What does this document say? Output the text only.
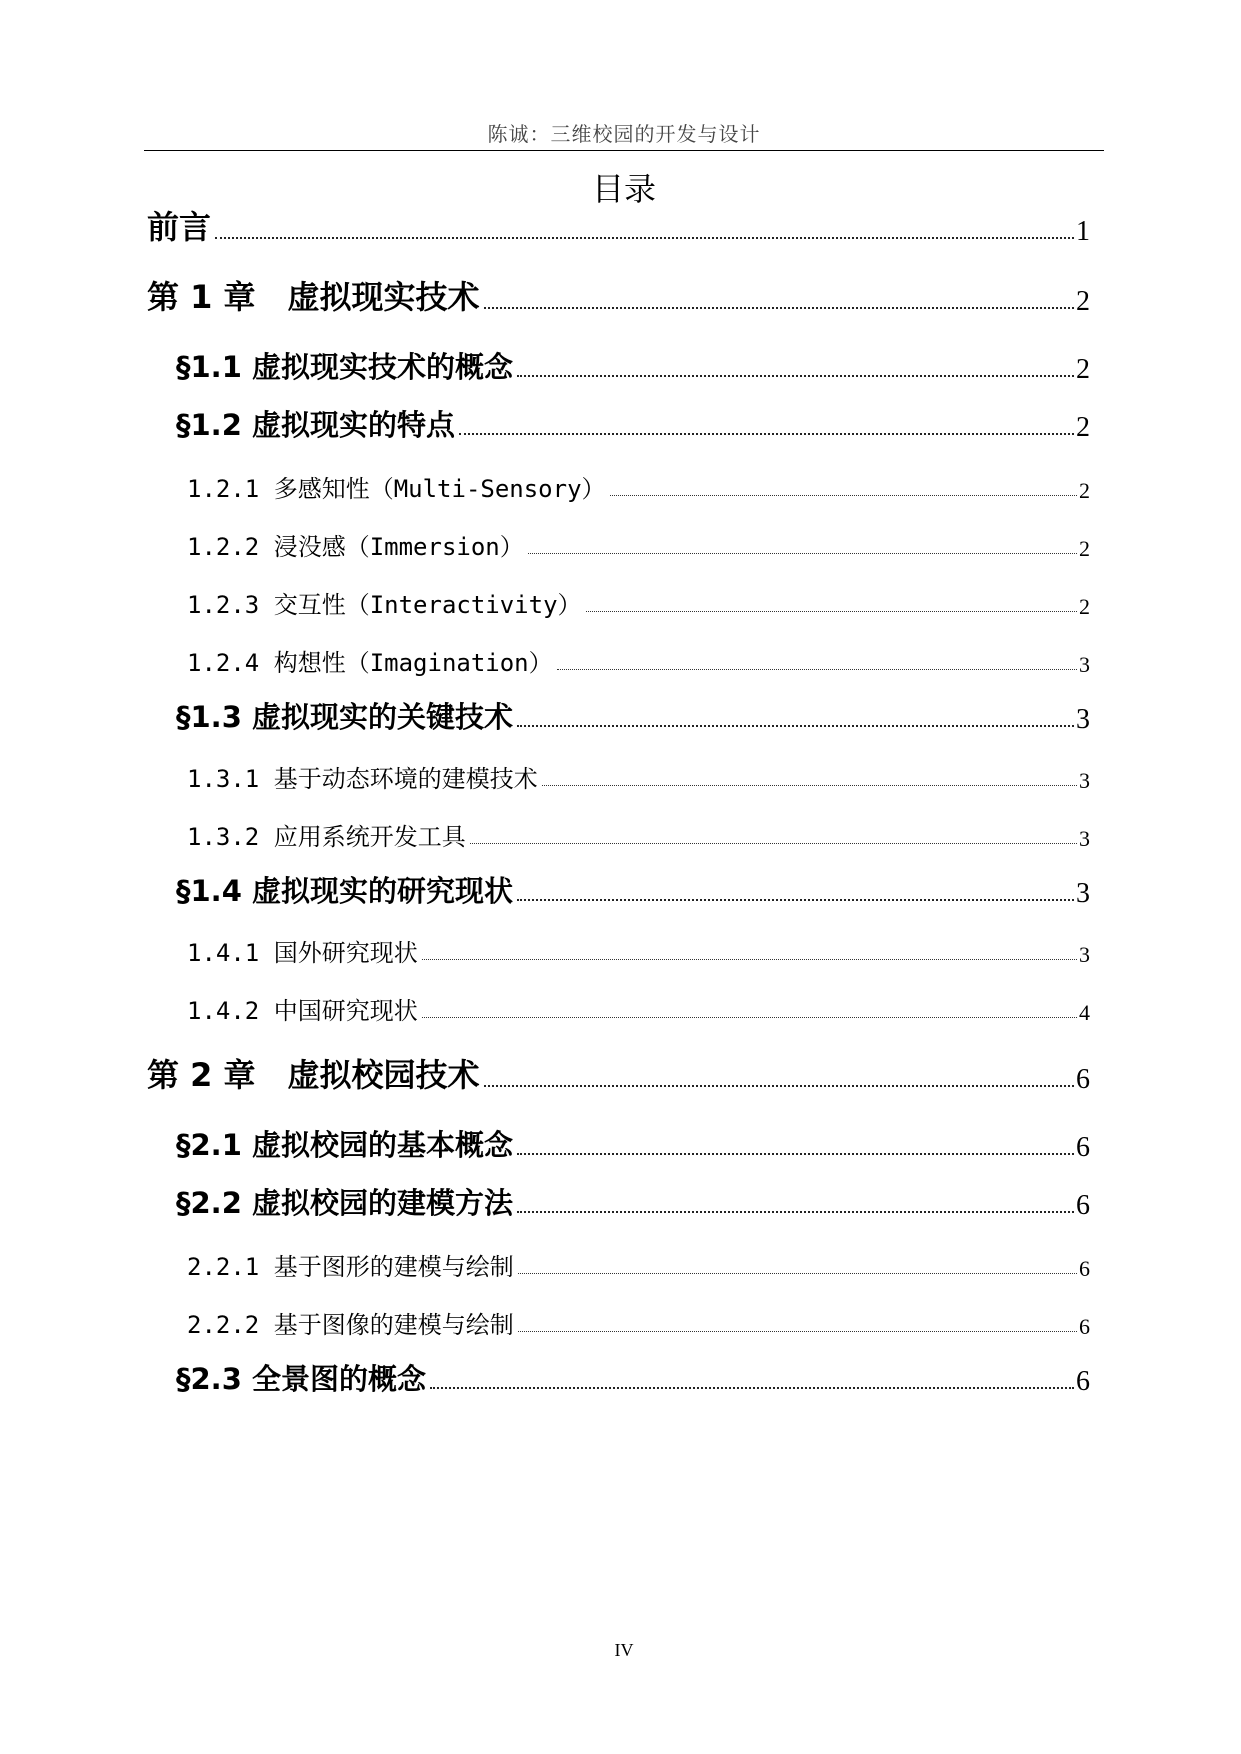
陈诚：三维校园的开发与设计
目录
前言	1
第 1 章　虚拟现实技术	2
§1.1 虚拟现实技术的概念	2
§1.2 虚拟现实的特点	2
1.2.1 多感知性（Multi-Sensory）	2
1.2.2 浸没感（Immersion）	2
1.2.3 交互性（Interactivity）	2
1.2.4 构想性（Imagination）	3
§1.3 虚拟现实的关键技术	3
1.3.1 基于动态环境的建模技术	3
1.3.2 应用系统开发工具	3
§1.4 虚拟现实的研究现状	3
1.4.1 国外研究现状	3
1.4.2 中国研究现状	4
第 2 章　虚拟校园技术	6
§2.1 虚拟校园的基本概念	6
§2.2 虚拟校园的建模方法	6
2.2.1 基于图形的建模与绘制	6
2.2.2 基于图像的建模与绘制	6
§2.3 全景图的概念	6
IV
